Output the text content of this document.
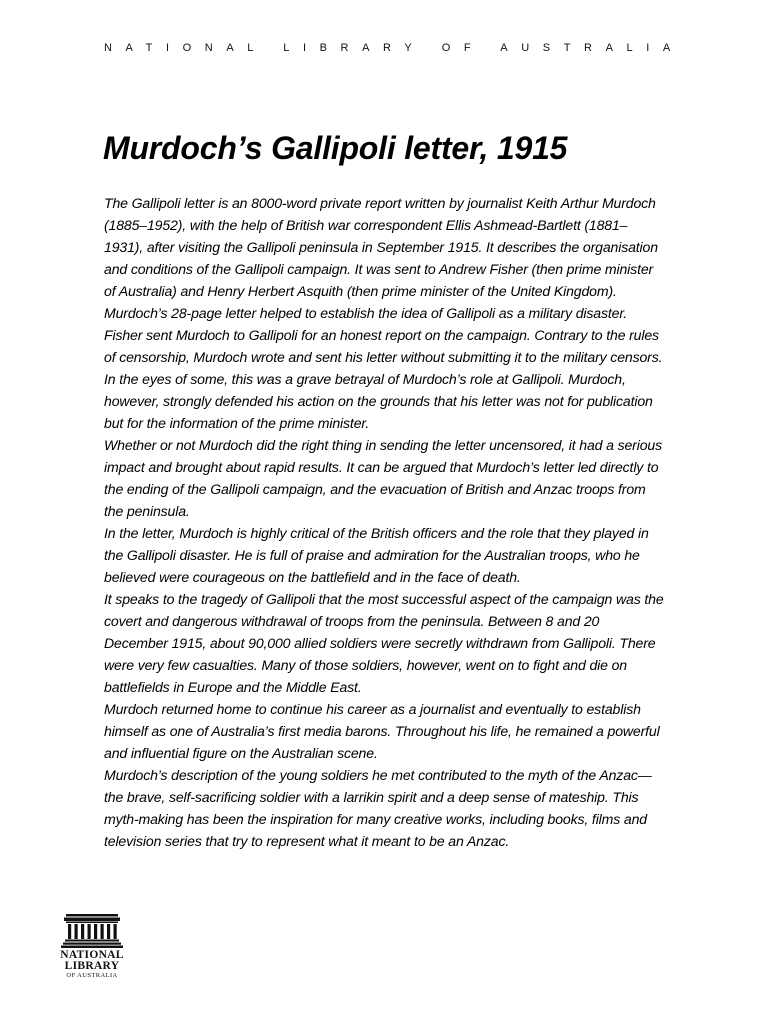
NATIONAL LIBRARY OF AUSTRALIA
Murdoch’s Gallipoli letter, 1915

The Gallipoli letter is an 8000-word private report written by journalist Keith Arthur Murdoch (1885–1952), with the help of British war correspondent Ellis Ashmead-Bartlett (1881–1931), after visiting the Gallipoli peninsula in September 1915. It describes the organisation and conditions of the Gallipoli campaign. It was sent to Andrew Fisher (then prime minister of Australia) and Henry Herbert Asquith (then prime minister of the United Kingdom). Murdoch’s 28-page letter helped to establish the idea of Gallipoli as a military disaster.

Fisher sent Murdoch to Gallipoli for an honest report on the campaign. Contrary to the rules of censorship, Murdoch wrote and sent his letter without submitting it to the military censors. In the eyes of some, this was a grave betrayal of Murdoch’s role at Gallipoli. Murdoch, however, strongly defended his action on the grounds that his letter was not for publication but for the information of the prime minister.

Whether or not Murdoch did the right thing in sending the letter uncensored, it had a serious impact and brought about rapid results. It can be argued that Murdoch’s letter led directly to the ending of the Gallipoli campaign, and the evacuation of British and Anzac troops from the peninsula.

In the letter, Murdoch is highly critical of the British officers and the role that they played in the Gallipoli disaster. He is full of praise and admiration for the Australian troops, who he believed were courageous on the battlefield and in the face of death.

It speaks to the tragedy of Gallipoli that the most successful aspect of the campaign was the covert and dangerous withdrawal of troops from the peninsula. Between 8 and 20 December 1915, about 90,000 allied soldiers were secretly withdrawn from Gallipoli. There were very few casualties. Many of those soldiers, however, went on to fight and die on battlefields in Europe and the Middle East.

Murdoch returned home to continue his career as a journalist and eventually to establish himself as one of Australia’s first media barons. Throughout his life, he remained a powerful and influential figure on the Australian scene.

Murdoch’s description of the young soldiers he met contributed to the myth of the Anzac—the brave, self-sacrificing soldier with a larrikin spirit and a deep sense of mateship. This myth-making has been the inspiration for many creative works, including books, films and television series that try to represent what it meant to be an Anzac.

NATIONAL
LIBRARY
OF AUSTRALIA
